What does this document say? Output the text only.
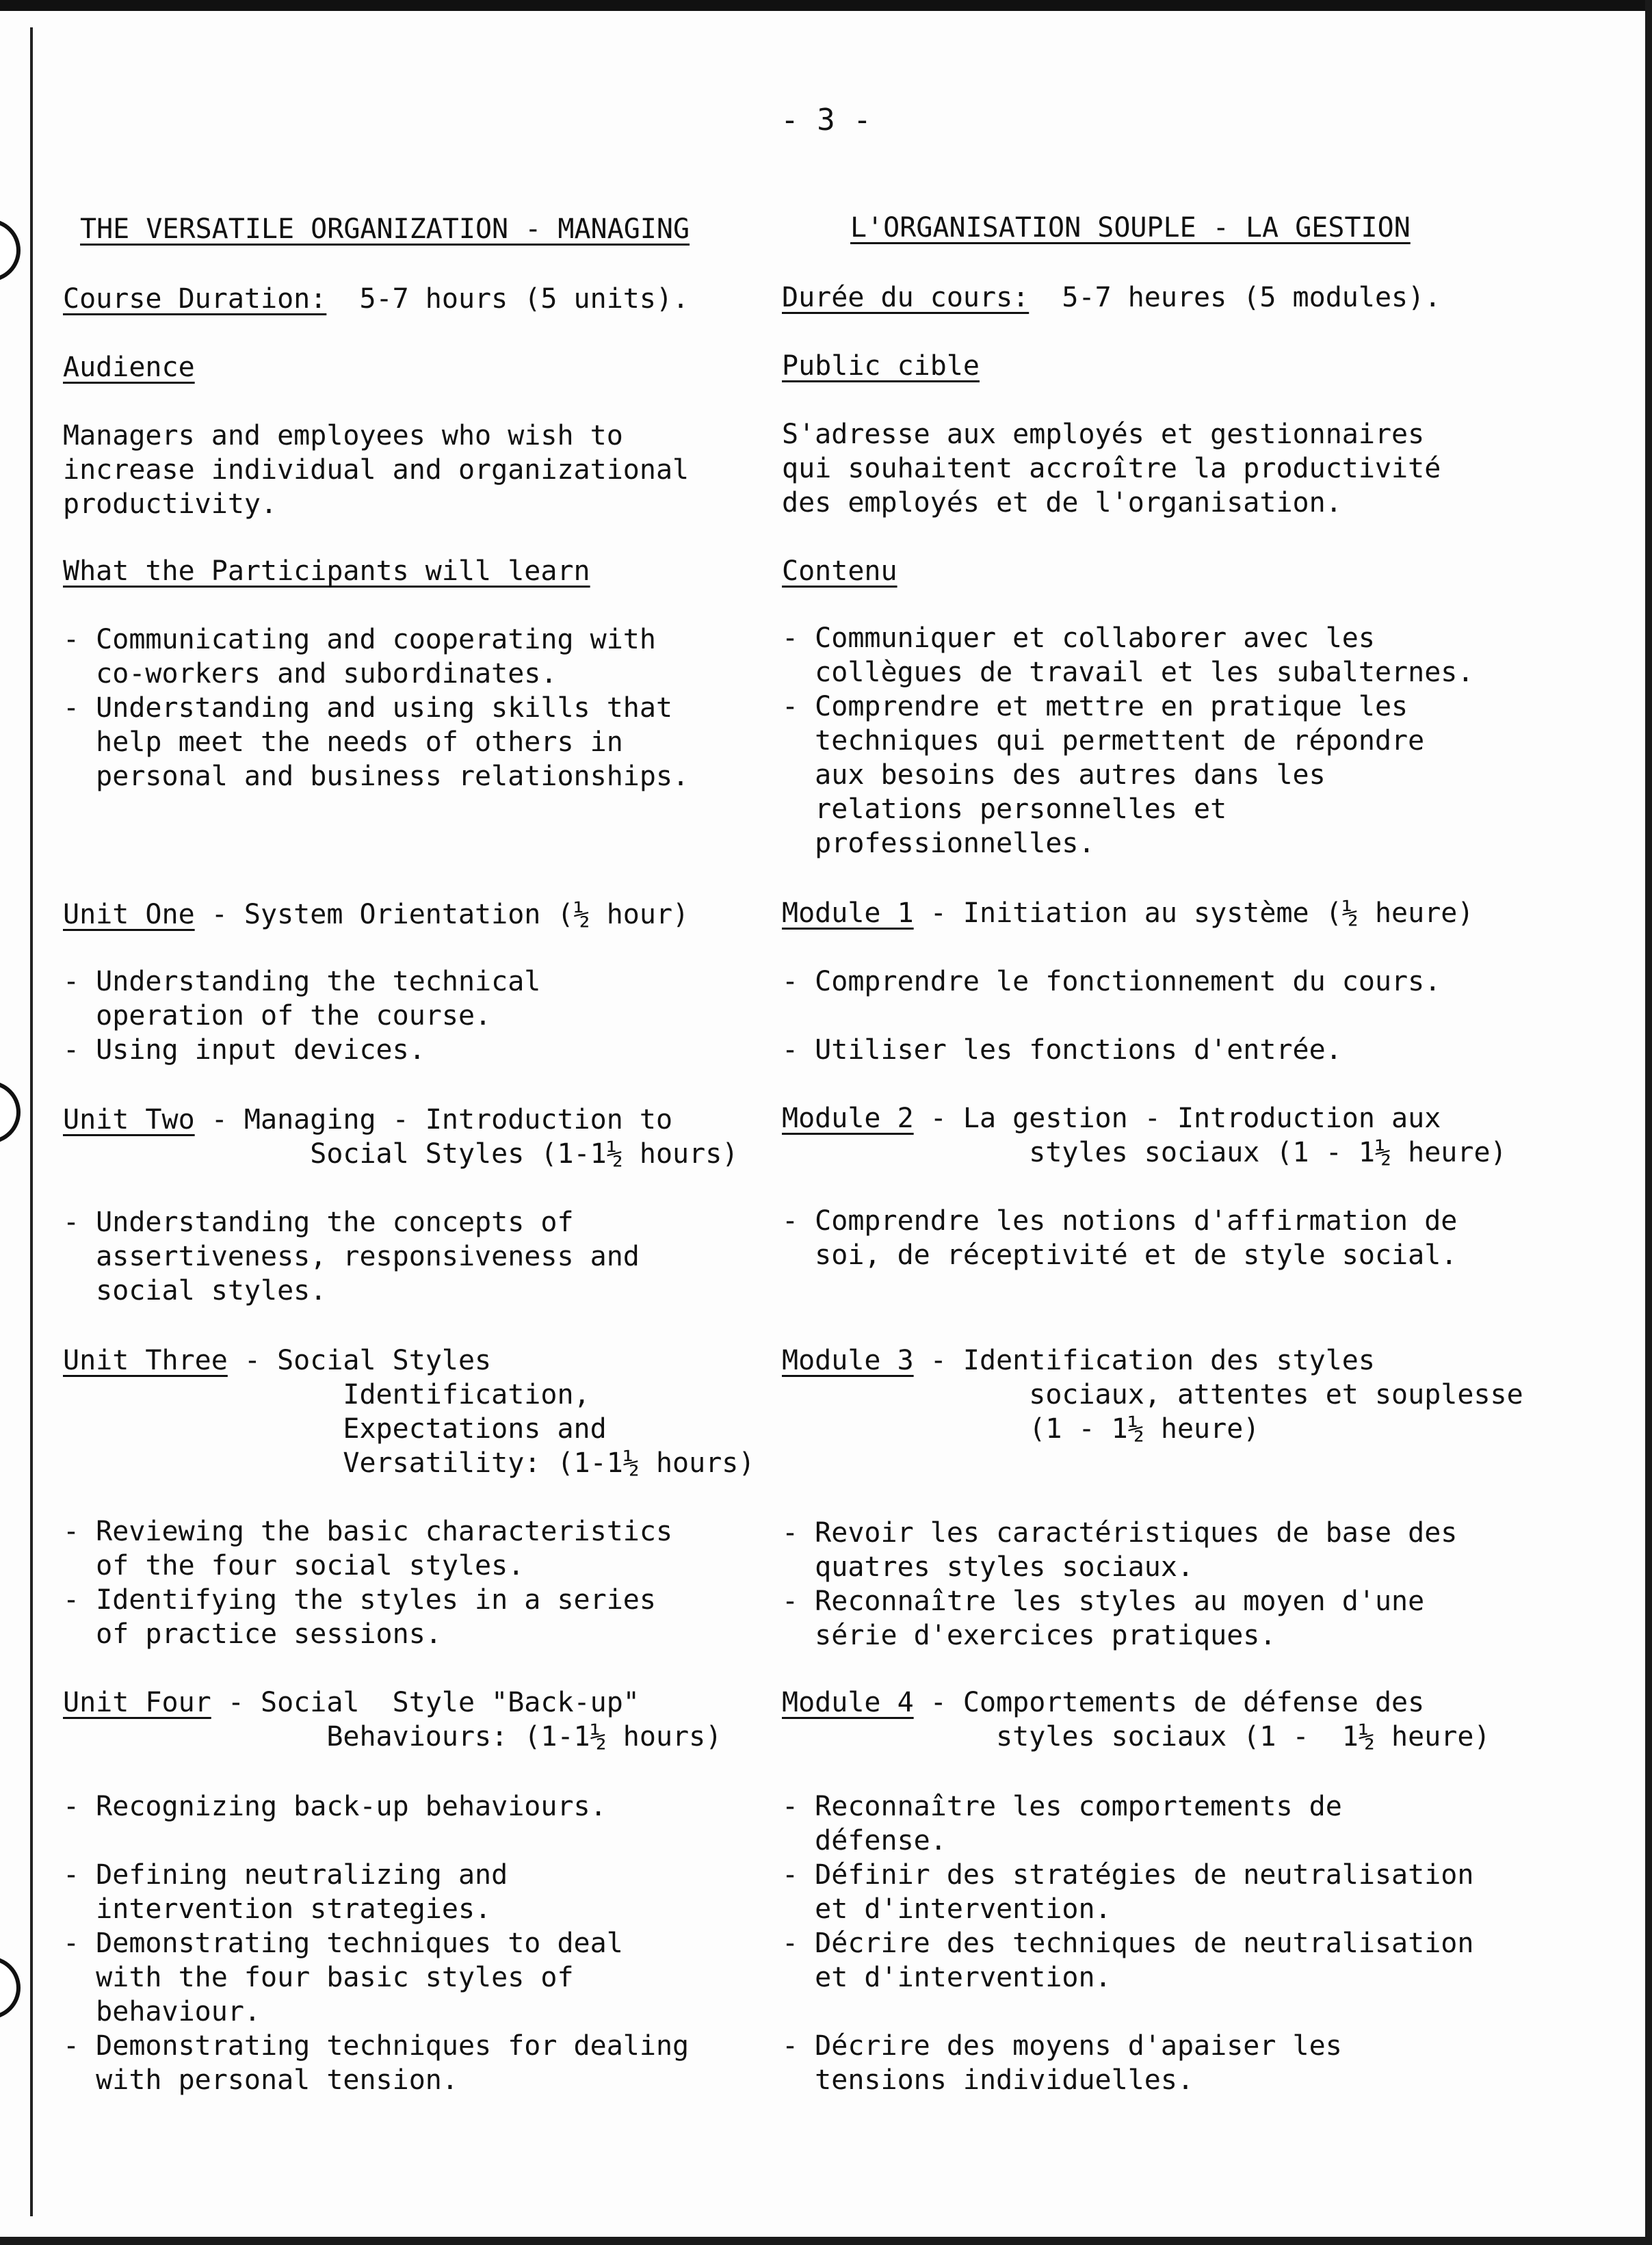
- 3 -
THE VERSATILE ORGANIZATION - MANAGING
Course Duration:  5-7 hours (5 units).
Audience
Managers and employees who wish to
increase individual and organizational
productivity.
What the Participants will learn
- Communicating and cooperating with
co-workers and subordinates.
- Understanding and using skills that
help meet the needs of others in
personal and business relationships.
Unit One - System Orientation (½ hour)
- Understanding the technical
operation of the course.
- Using input devices.
Unit Two - Managing - Introduction to
Social Styles (1-1½ hours)
- Understanding the concepts of
assertiveness, responsiveness and
social styles.
Unit Three - Social Styles
Identification,
Expectations and
Versatility: (1-1½ hours)
- Reviewing the basic characteristics
of the four social styles.
- Identifying the styles in a series
of practice sessions.
Unit Four - Social  Style "Back-up"
Behaviours: (1-1½ hours)
- Recognizing back-up behaviours.

- Defining neutralizing and
intervention strategies.
- Demonstrating techniques to deal
with the four basic styles of
behaviour.
- Demonstrating techniques for dealing
with personal tension.
L'ORGANISATION SOUPLE - LA GESTION
Durée du cours:  5-7 heures (5 modules).
Public cible
S'adresse aux employés et gestionnaires
qui souhaitent accroître la productivité
des employés et de l'organisation.
Contenu
- Communiquer et collaborer avec les
collègues de travail et les subalternes.
- Comprendre et mettre en pratique les
techniques qui permettent de répondre
aux besoins des autres dans les
relations personnelles et
professionnelles.
Module 1 - Initiation au système (½ heure)
- Comprendre le fonctionnement du cours.

- Utiliser les fonctions d'entrée.
Module 2 - La gestion - Introduction aux
styles sociaux (1 - 1½ heure)
- Comprendre les notions d'affirmation de
soi, de réceptivité et de style social.
Module 3 - Identification des styles
sociaux, attentes et souplesse
(1 - 1½ heure)
- Revoir les caractéristiques de base des
quatres styles sociaux.
- Reconnaître les styles au moyen d'une
série d'exercices pratiques.
Module 4 - Comportements de défense des
styles sociaux (1 -  1½ heure)
- Reconnaître les comportements de
défense.
- Définir des stratégies de neutralisation
et d'intervention.
- Décrire des techniques de neutralisation
et d'intervention.

- Décrire des moyens d'apaiser les
tensions individuelles.
